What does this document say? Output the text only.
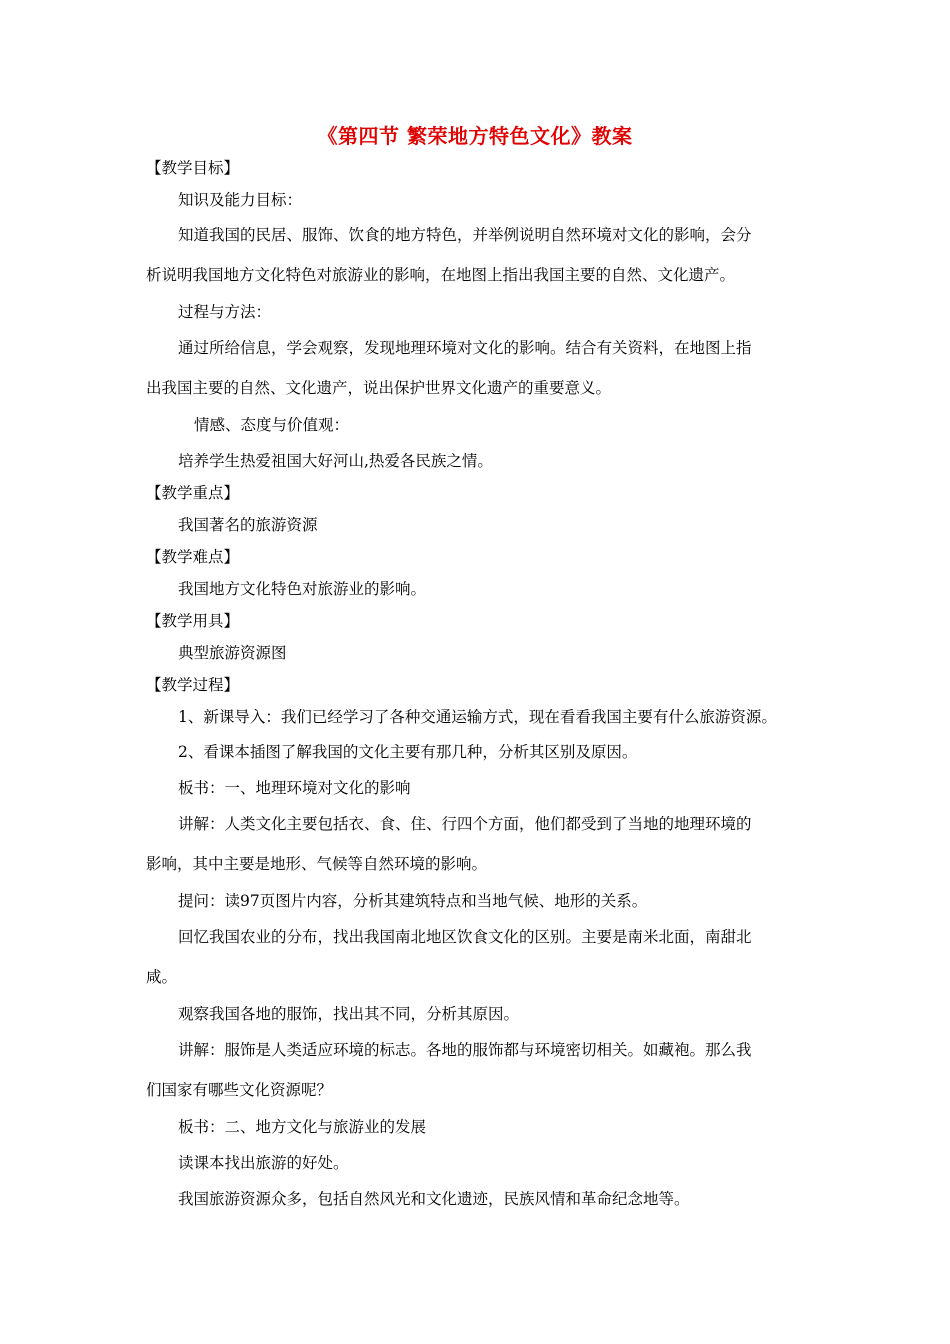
《第四节 繁荣地方特色文化》教案
【教学目标】
知识及能力目标：
知道我国的民居、服饰、饮食的地方特色，并举例说明自然环境对文化的影响，会分
析说明我国地方文化特色对旅游业的影响，在地图上指出我国主要的自然、文化遗产。
过程与方法：
通过所给信息，学会观察，发现地理环境对文化的影响。结合有关资料，在地图上指
出我国主要的自然、文化遗产，说出保护世界文化遗产的重要意义。
情感、态度与价值观：
培养学生热爱祖国大好河山,热爱各民族之情。
【教学重点】
我国著名的旅游资源
【教学难点】
我国地方文化特色对旅游业的影响。
【教学用具】
典型旅游资源图
【教学过程】
1、新课导入：我们已经学习了各种交通运输方式，现在看看我国主要有什么旅游资源。
2、看课本插图了解我国的文化主要有那几种，分析其区别及原因。
板书：一、地理环境对文化的影响
讲解：人类文化主要包括衣、食、住、行四个方面，他们都受到了当地的地理环境的
影响，其中主要是地形、气候等自然环境的影响。
提问：读97页图片内容，分析其建筑特点和当地气候、地形的关系。
回忆我国农业的分布，找出我国南北地区饮食文化的区别。主要是南米北面，南甜北
咸。
观察我国各地的服饰，找出其不同，分析其原因。
讲解：服饰是人类适应环境的标志。各地的服饰都与环境密切相关。如藏袍。那么我
们国家有哪些文化资源呢？
板书：二、地方文化与旅游业的发展
读课本找出旅游的好处。
我国旅游资源众多，包括自然风光和文化遗迹，民族风情和革命纪念地等。
